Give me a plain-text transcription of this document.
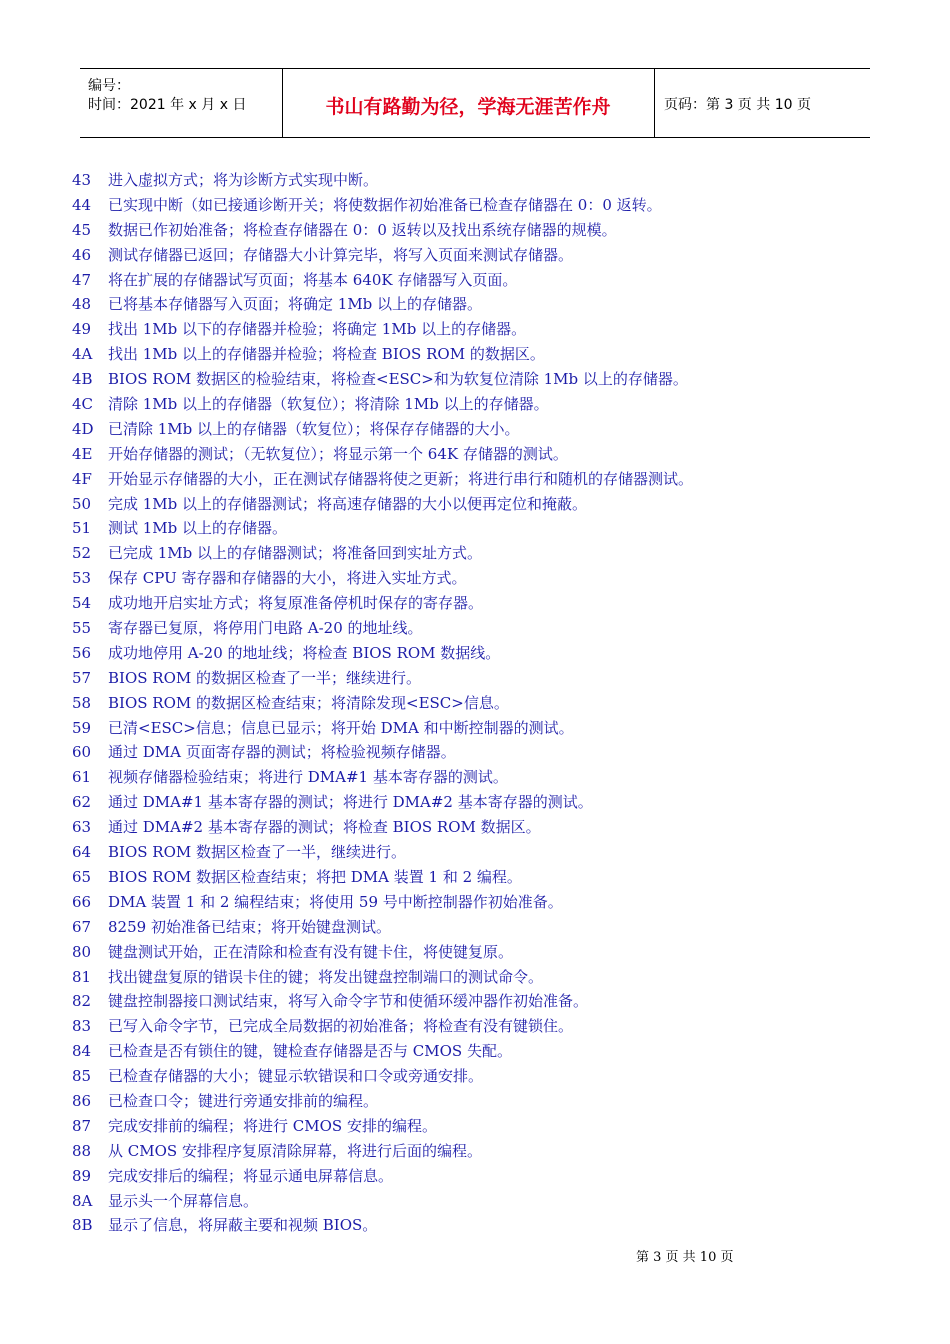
编号：
时间：2021 年 x 月 x 日	书山有路勤为径，学海无涯苦作舟	页码：第 3 页 共 10 页
43 进入虚拟方式；将为诊断方式实现中断。
44 已实现中断（如已接通诊断开关；将使数据作初始准备已检查存储器在 0：0 返转。
45 数据已作初始准备；将检查存储器在 0：0 返转以及找出系统存储器的规模。
46 测试存储器已返回；存储器大小计算完毕，将写入页面来测试存储器。
47 将在扩展的存储器试写页面；将基本 640K 存储器写入页面。
48 已将基本存储器写入页面；将确定 1Mb 以上的存储器。
49 找出 1Mb 以下的存储器并检验；将确定 1Mb 以上的存储器。
4A 找出 1Mb 以上的存储器并检验；将检查 BIOS ROM 的数据区。
4B BIOS ROM 数据区的检验结束，将检查<ESC>和为软复位清除 1Mb 以上的存储器。
4C 清除 1Mb 以上的存储器（软复位）；将清除 1Mb 以上的存储器。
4D 已清除 1Mb 以上的存储器（软复位）；将保存存储器的大小。
4E 开始存储器的测试；（无软复位）；将显示第一个 64K 存储器的测试。
4F 开始显示存储器的大小，正在测试存储器将使之更新；将进行串行和随机的存储器测试。
50 完成 1Mb 以上的存储器测试；将高速存储器的大小以便再定位和掩蔽。
51 测试 1Mb 以上的存储器。
52 已完成 1Mb 以上的存储器测试；将准备回到实址方式。
53 保存 CPU 寄存器和存储器的大小，将进入实址方式。
54 成功地开启实址方式；将复原准备停机时保存的寄存器。
55 寄存器已复原，将停用门电路 A-20 的地址线。
56 成功地停用 A-20 的地址线；将检查 BIOS ROM 数据线。
57 BIOS ROM 的数据区检查了一半；继续进行。
58 BIOS ROM 的数据区检查结束；将清除发现<ESC>信息。
59 已清<ESC>信息；信息已显示；将开始 DMA 和中断控制器的测试。
60 通过 DMA 页面寄存器的测试；将检验视频存储器。
61 视频存储器检验结束；将进行 DMA#1 基本寄存器的测试。
62 通过 DMA#1 基本寄存器的测试；将进行 DMA#2 基本寄存器的测试。
63 通过 DMA#2 基本寄存器的测试；将检查 BIOS ROM 数据区。
64 BIOS ROM 数据区检查了一半，继续进行。
65 BIOS ROM 数据区检查结束；将把 DMA 装置 1 和 2 编程。
66 DMA 装置 1 和 2 编程结束；将使用 59 号中断控制器作初始准备。
67 8259 初始准备已结束；将开始键盘测试。
80 键盘测试开始，正在清除和检查有没有键卡住，将使键复原。
81 找出键盘复原的错误卡住的键；将发出键盘控制端口的测试命令。
82 键盘控制器接口测试结束，将写入命令字节和使循环缓冲器作初始准备。
83 已写入命令字节，已完成全局数据的初始准备；将检查有没有键锁住。
84 已检查是否有锁住的键，键检查存储器是否与 CMOS 失配。
85 已检查存储器的大小；键显示软错误和口令或旁通安排。
86 已检查口令；键进行旁通安排前的编程。
87 完成安排前的编程；将进行 CMOS 安排的编程。
88 从 CMOS 安排程序复原清除屏幕，将进行后面的编程。
89 完成安排后的编程；将显示通电屏幕信息。
8A 显示头一个屏幕信息。
8B 显示了信息，将屏蔽主要和视频 BIOS。
第 3 页 共 10 页
